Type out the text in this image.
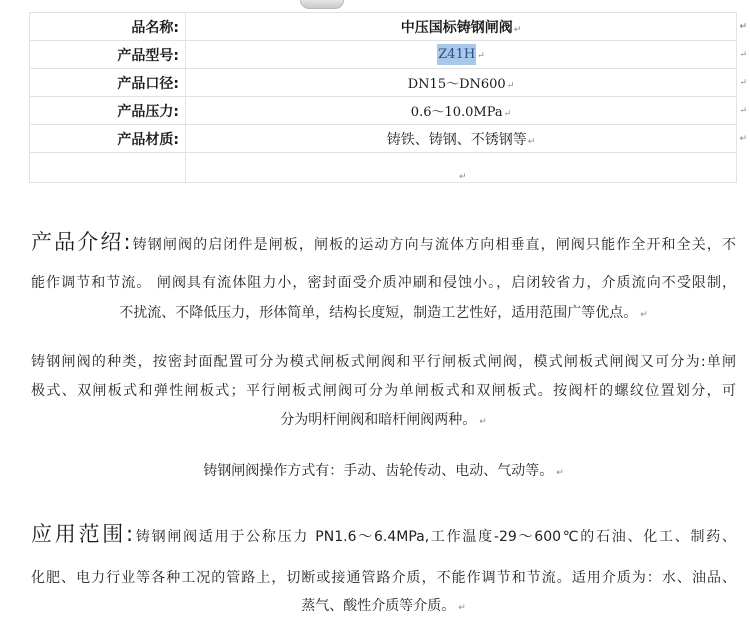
品名称:	中压国标铸钢闸阀↵ ↵

产品型号:	Z41H ↵ ↵

产品口径:	DN15～DN600↵ ↵

产品压力:	0.6～10.0MPa↵ ↵

产品材质:	铸铁、铸钢、不锈钢等↵ ↵

↵
产品介绍:铸钢闸阀的启闭件是闸板，闸板的运动方向与流体方向相垂直，闸阀只能作全开和全关，不
能作调节和节流。 闸阀具有流体阻力小，密封面受介质冲刷和侵蚀小。，启闭较省力，介质流向不受限制，
不扰流、不降低压力，形体简单，结构长度短，制造工艺性好，适用范围广等优点。 ↵
铸钢闸阀的种类，按密封面配置可分为模式闸板式闸阀和平行闸板式闸阀，模式闸板式闸阀又可分为:单闸
极式、双闸板式和弹性闸板式；平行闸板式闸阀可分为单闸板式和双闸板式。按阀杆的螺纹位置划分，可
分为明杆闸阀和暗杆闸阀两种。 ↵
铸钢闸阀操作方式有：手动、齿轮传动、电动、气动等。 ↵
应用范围:铸钢闸阀适用于公称压力 PN1.6～6.4MPa,工作温度-29～600℃的石油、化工、制药、
化肥、电力行业等各种工况的管路上，切断或接通管路介质，不能作调节和节流。适用介质为：水、油品、
蒸气、酸性介质等介质。 ↵
